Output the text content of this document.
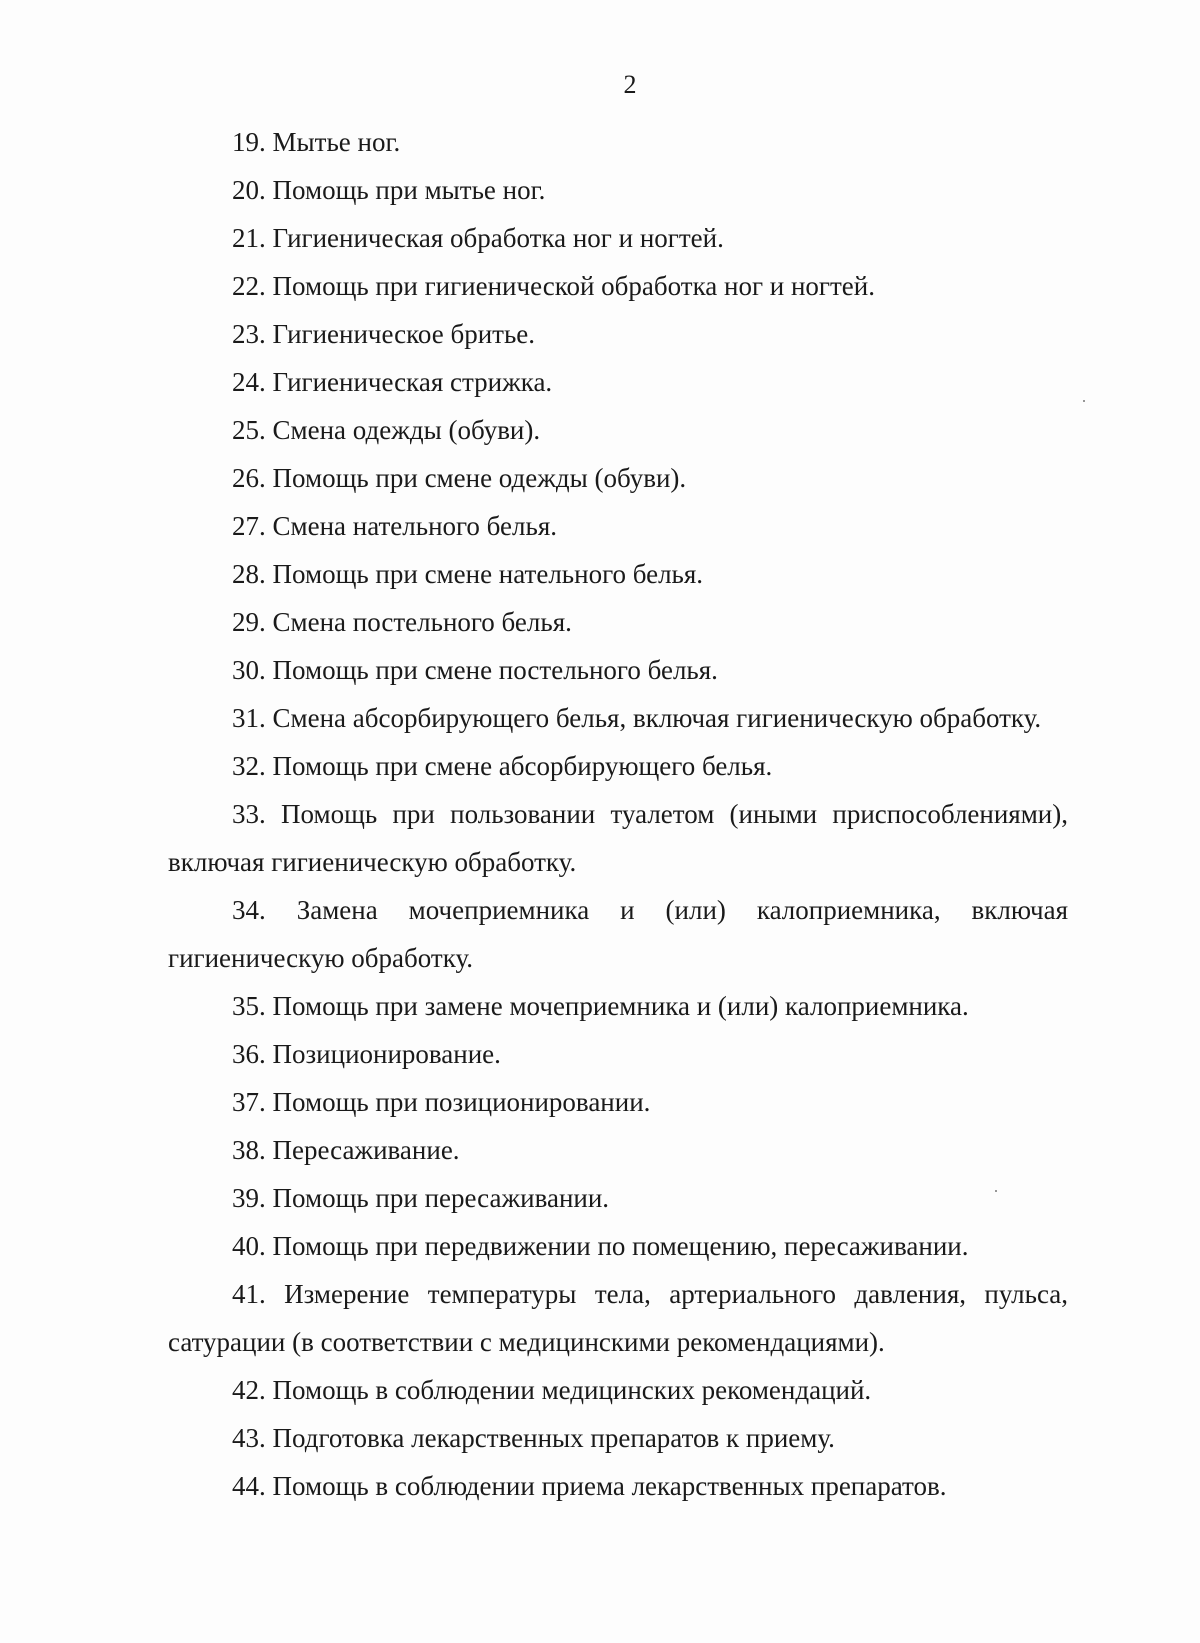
2

19. Мытье ног.

20. Помощь при мытье ног.

21. Гигиеническая обработка ног и ногтей.

22. Помощь при гигиенической обработка ног и ногтей.

23. Гигиеническое бритье.

24. Гигиеническая стрижка.

25. Смена одежды (обуви).

26. Помощь при смене одежды (обуви).

27. Смена нательного белья.

28. Помощь при смене нательного белья.

29. Смена постельного белья.

30. Помощь при смене постельного белья.

31. Смена абсорбирующего белья, включая гигиеническую обработку.

32. Помощь при смене абсорбирующего белья.

33. Помощь при пользовании туалетом (иными приспособлениями), включая гигиеническую обработку.

34. Замена мочеприемника и (или) калоприемника, включая гигиеническую обработку.

35. Помощь при замене мочеприемника и (или) калоприемника.

36. Позиционирование.

37. Помощь при позиционировании.

38. Пересаживание.

39. Помощь при пересаживании.

40. Помощь при передвижении по помещению, пересаживании.

41. Измерение температуры тела, артериального давления, пульса, сатурации (в соответствии с медицинскими рекомендациями).

42. Помощь в соблюдении медицинских рекомендаций.

43. Подготовка лекарственных препаратов к приему.

44. Помощь в соблюдении приема лекарственных препаратов.
